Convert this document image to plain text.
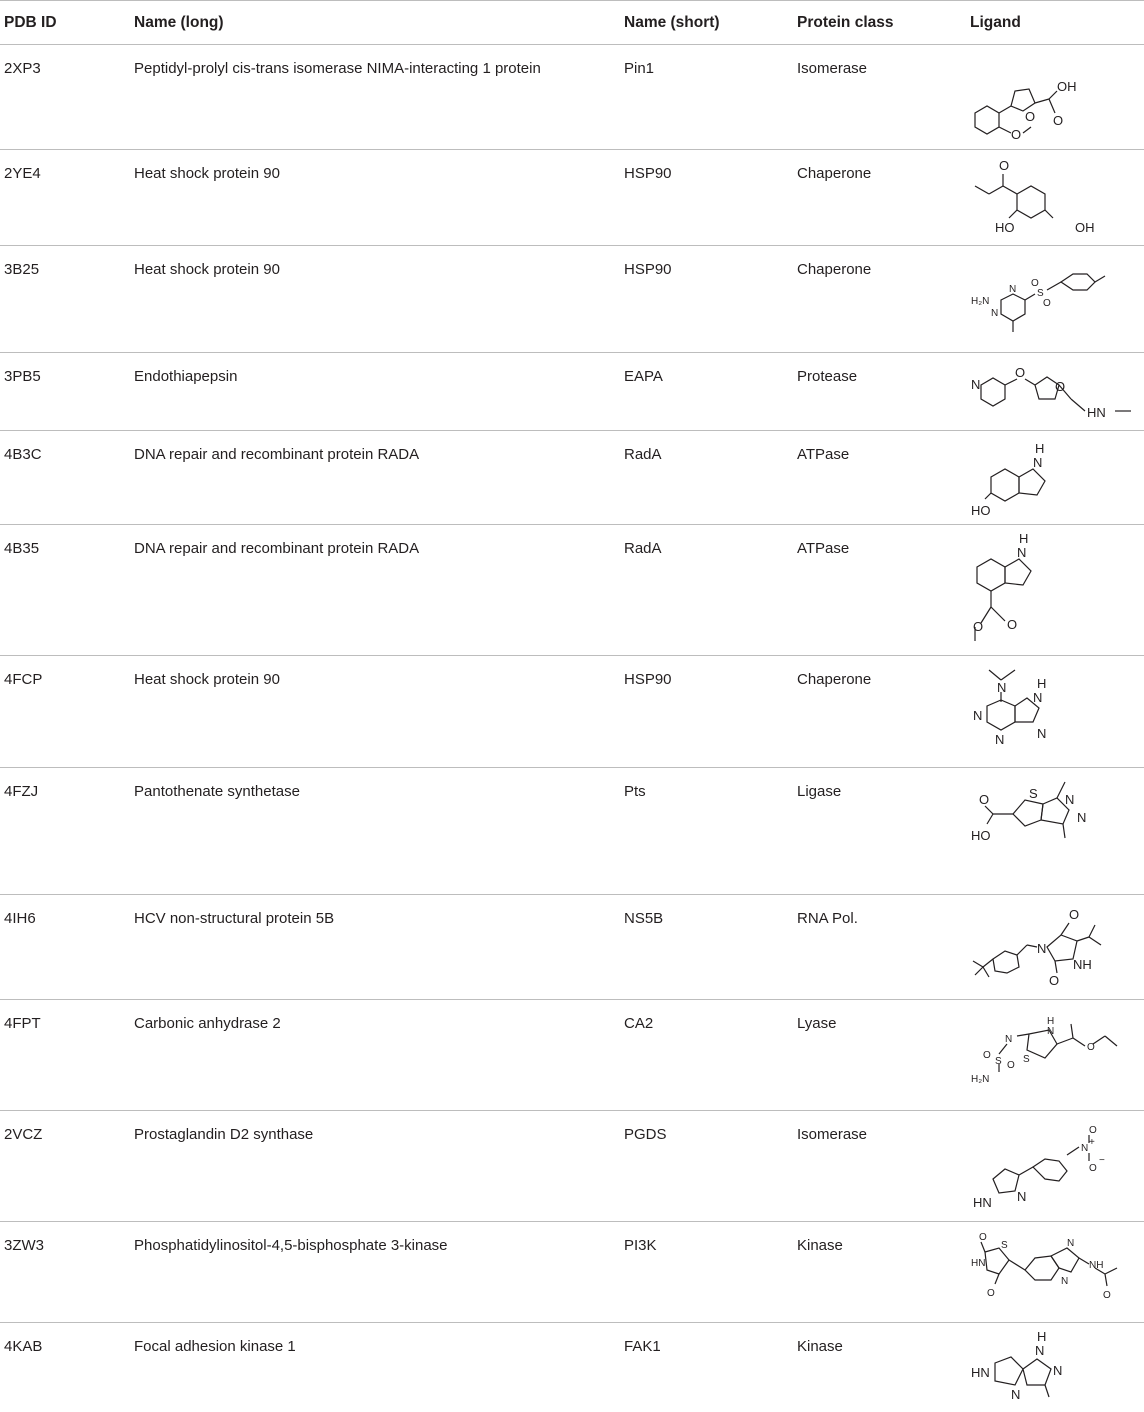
PDB ID	Name (long)	Name (short)	Protein class	Ligand
2XP3	Peptidyl-prolyl cis-trans isomerase NIMA-interacting 1 protein	Pin1	Isomerase
OH
O
O
O
2YE4	Heat shock protein 90	HSP90	Chaperone	O
HO	OH
3B25	Heat shock protein 90	HSP90	Chaperone
H₂N
N
N
S
O
O
3PB5	Endothiapepsin	EAPA	Protease	N
O
O
HN
4B3C	DNA repair and recombinant protein RADA	RadA	ATPase	H
N
HO
4B35	DNA repair and recombinant protein RADA	RadA	ATPase
H
N
O O
4FCP	Heat shock protein 90	HSP90	Chaperone	N H
N
N
N	N
4FZJ	Pantothenate synthetase	Pts	Ligase	O
HO
S N
N
4IH6	HCV non-structural protein 5B	NS5B	RNA Pol.	O
N
NH
O
4FPT	Carbonic anhydrase 2	CA2	Lyase	H
N
N
S
O	S
O
O
H₂N
2VCZ	Prostaglandin D2 synthase	PGDS	Isomerase	O
N
+
O
−
HN N
3ZW3	Phosphatidylinositol-4,5-bisphosphate 3-kinase	PI3K	Kinase	O
S
HN
O
N
N
NH
O
4KAB	Focal adhesion kinase 1	FAK1	Kinase
H
N
N
HN
N
